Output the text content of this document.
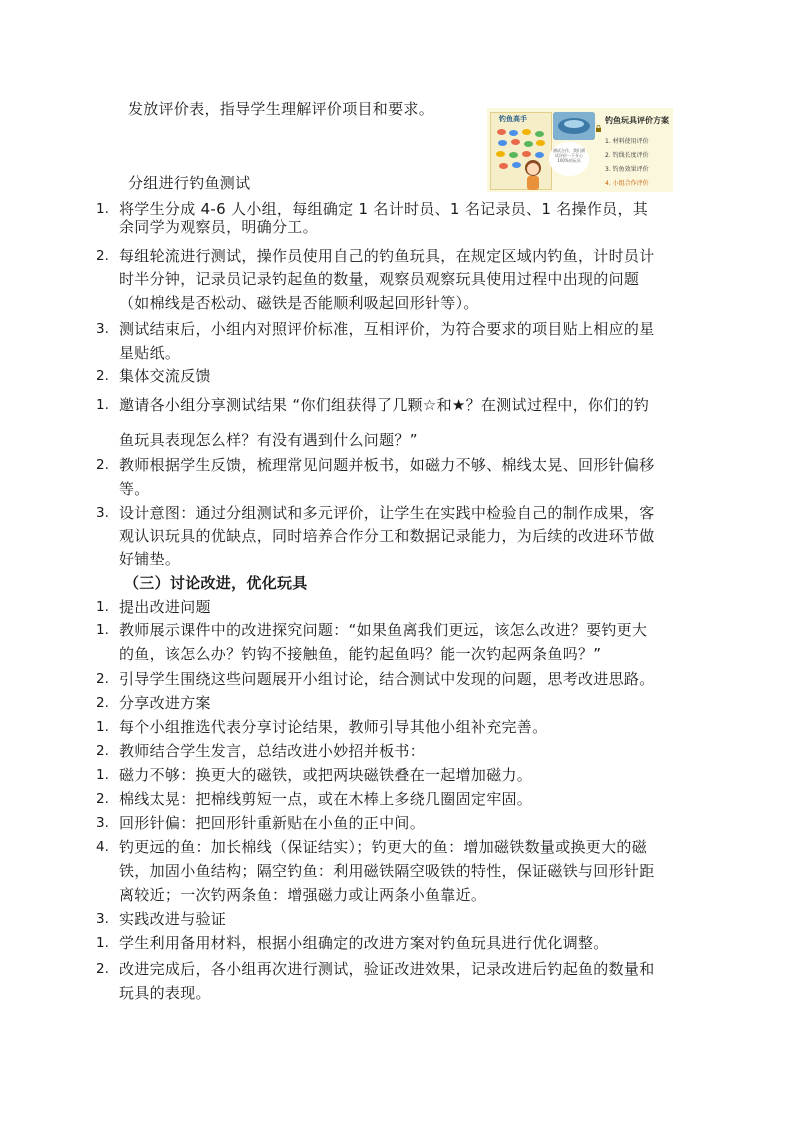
钓鱼高手
测试合作，我们测试评价一下开心100%的玩具
钓鱼玩具评价方案
1. 材料使用评价
2. 钓线长度评价
3. 钓鱼效果评价
4. 小组合作评价
发放评价表，指导学生理解评价项目和要求。
分组进行钓鱼测试
1. 将学生分成 4-6 人小组，每组确定 1 名计时员、1 名记录员、1 名操作员，其
余同学为观察员，明确分工。
2. 每组轮流进行测试，操作员使用自己的钓鱼玩具，在规定区域内钓鱼，计时员计
时半分钟，记录员记录钓起鱼的数量，观察员观察玩具使用过程中出现的问题
（如棉线是否松动、磁铁是否能顺利吸起回形针等）。
3. 测试结束后，小组内对照评价标准，互相评价，为符合要求的项目贴上相应的星
星贴纸。
2. 集体交流反馈
1. 邀请各小组分享测试结果 “你们组获得了几颗☆和★？在测试过程中，你们的钓
鱼玩具表现怎么样？有没有遇到什么问题？”
2. 教师根据学生反馈，梳理常见问题并板书，如磁力不够、棉线太晃、回形针偏移
等。
3. 设计意图：通过分组测试和多元评价，让学生在实践中检验自己的制作成果，客
观认识玩具的优缺点，同时培养合作分工和数据记录能力，为后续的改进环节做
好铺垫。
（三）讨论改进，优化玩具
1. 提出改进问题
1. 教师展示课件中的改进探究问题：“如果鱼离我们更远，该怎么改进？要钓更大
的鱼，该怎么办？钓钩不接触鱼，能钓起鱼吗？能一次钓起两条鱼吗？”
2. 引导学生围绕这些问题展开小组讨论，结合测试中发现的问题，思考改进思路。
2. 分享改进方案
1. 每个小组推选代表分享讨论结果，教师引导其他小组补充完善。
2. 教师结合学生发言，总结改进小妙招并板书：
1. 磁力不够：换更大的磁铁，或把两块磁铁叠在一起增加磁力。
2. 棉线太晃：把棉线剪短一点，或在木棒上多绕几圈固定牢固。
3. 回形针偏：把回形针重新贴在小鱼的正中间。
4. 钓更远的鱼：加长棉线（保证结实）；钓更大的鱼：增加磁铁数量或换更大的磁
铁，加固小鱼结构；隔空钓鱼：利用磁铁隔空吸铁的特性，保证磁铁与回形针距
离较近；一次钓两条鱼：增强磁力或让两条小鱼靠近。
3. 实践改进与验证
1. 学生利用备用材料，根据小组确定的改进方案对钓鱼玩具进行优化调整。
2. 改进完成后，各小组再次进行测试，验证改进效果，记录改进后钓起鱼的数量和
玩具的表现。
